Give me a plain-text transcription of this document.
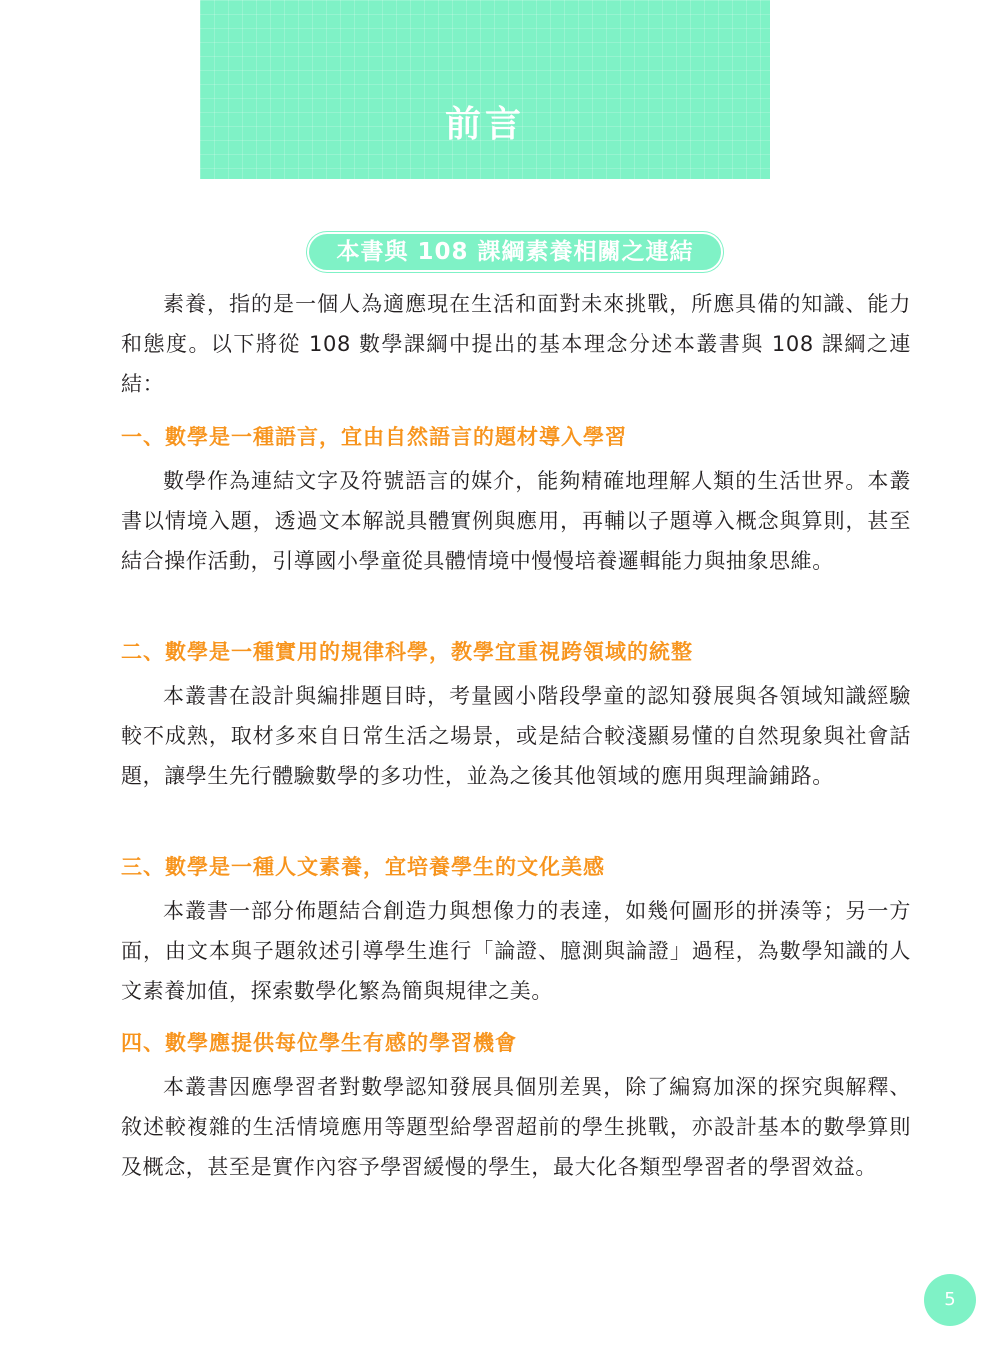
前言
本書與 108 課綱素養相關之連結

素養，指的是一個人為適應現在生活和面對未來挑戰，所應具備的知識、能力和態度。以下將從 108 數學課綱中提出的基本理念分述本叢書與 108 課綱之連結：

一、數學是一種語言，宜由自然語言的題材導入學習

數學作為連結文字及符號語言的媒介，能夠精確地理解人類的生活世界。本叢書以情境入題，透過文本解説具體實例與應用，再輔以子題導入概念與算則，甚至結合操作活動，引導國小學童從具體情境中慢慢培養邏輯能力與抽象思維。

二、數學是一種實用的規律科學，教學宜重視跨領域的統整

本叢書在設計與編排題目時，考量國小階段學童的認知發展與各領域知識經驗較不成熟，取材多來自日常生活之場景，或是結合較淺顯易懂的自然現象與社會話題，讓學生先行體驗數學的多功性，並為之後其他領域的應用與理論鋪路。

三、數學是一種人文素養，宜培養學生的文化美感

本叢書一部分佈題結合創造力與想像力的表達，如幾何圖形的拼湊等；另一方面，由文本與子題敘述引導學生進行「論證、臆測與論證」過程，為數學知識的人文素養加值，探索數學化繁為簡與規律之美。

四、數學應提供每位學生有感的學習機會

本叢書因應學習者對數學認知發展具個別差異，除了編寫加深的探究與解釋、敘述較複雜的生活情境應用等題型給學習超前的學生挑戰，亦設計基本的數學算則及概念，甚至是實作內容予學習緩慢的學生，最大化各類型學習者的學習效益。

5
